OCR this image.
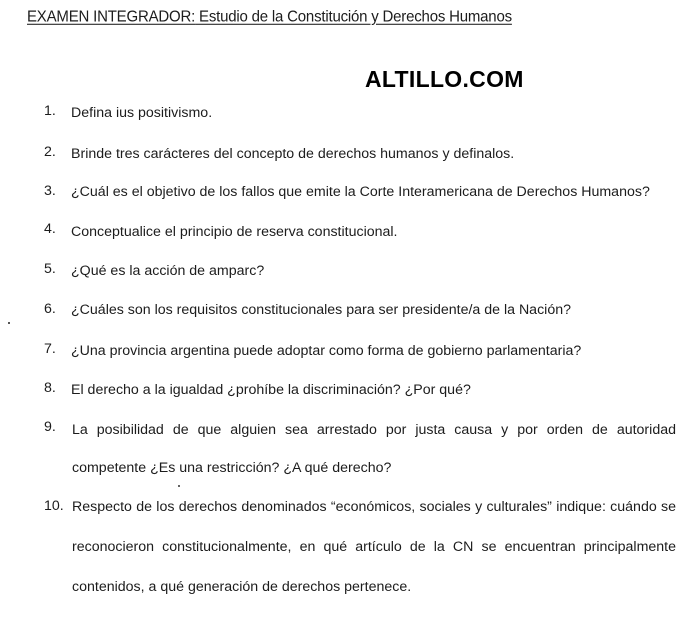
EXAMEN INTEGRADOR: Estudio de la Constitución y Derechos Humanos
ALTILLO.COM
1.	Defina ius positivismo.
2.	Brinde tres carácteres del concepto de derechos humanos y definalos.
3.	¿Cuál es el objetivo de los fallos que emite la Corte Interamericana de Derechos Humanos?
4.	Conceptualice el principio de reserva constitucional.
5.	¿Qué es la acción de amparc?
6.	¿Cuáles son los requisitos constitucionales para ser presidente/a de la Nación?
7.	¿Una provincia argentina puede adoptar como forma de gobierno parlamentaria?
8.	El derecho a la igualdad ¿prohíbe la discriminación? ¿Por qué?
9.	La posibilidad de que alguien sea arrestado por justa causa y por orden de autoridad
competente ¿Es una restricción? ¿A qué derecho?
10. Respecto de los derechos denominados “económicos, sociales y culturales” indique: cuándo se
reconocieron constitucionalmente, en qué artículo de la CN se encuentran principalmente
contenidos, a qué generación de derechos pertenece.
